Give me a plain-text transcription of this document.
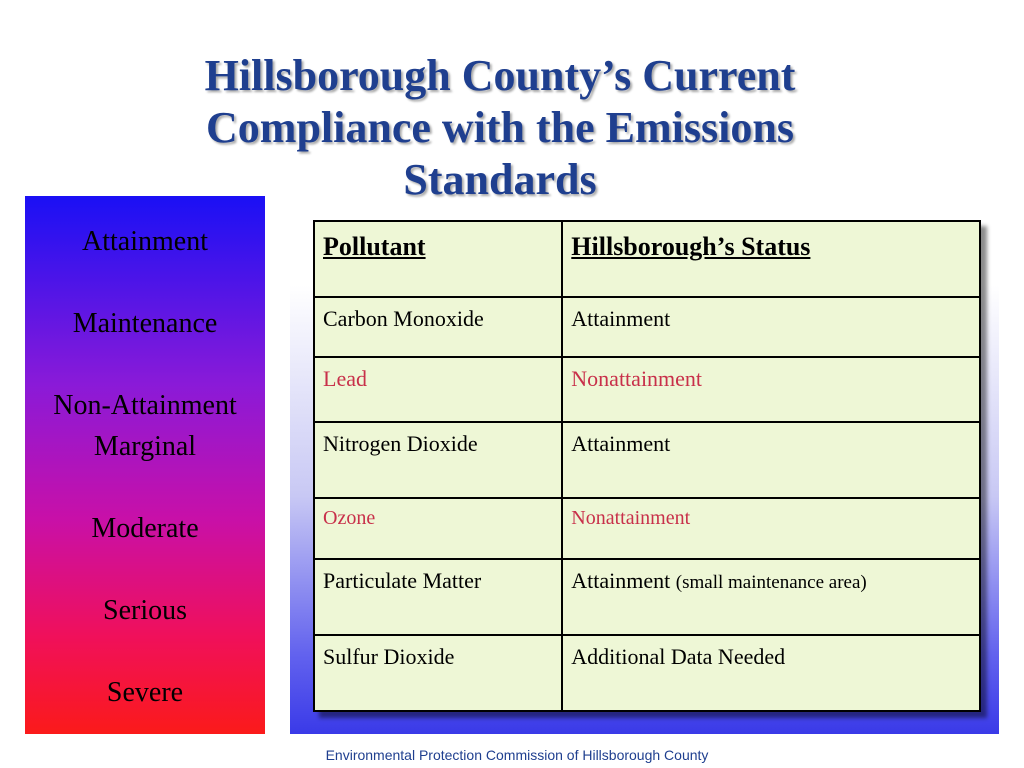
Hillsborough County’s Current Compliance with the Emissions Standards
Attainment
Maintenance
Non-Attainment
Marginal
Moderate
Serious
Severe
Pollutant	Hillsborough’s Status
Carbon Monoxide	Attainment
Lead	Nonattainment
Nitrogen Dioxide	Attainment
Ozone	Nonattainment
Particulate Matter	Attainment (small maintenance area)
Sulfur Dioxide	Additional Data Needed
Environmental Protection Commission of Hillsborough County
